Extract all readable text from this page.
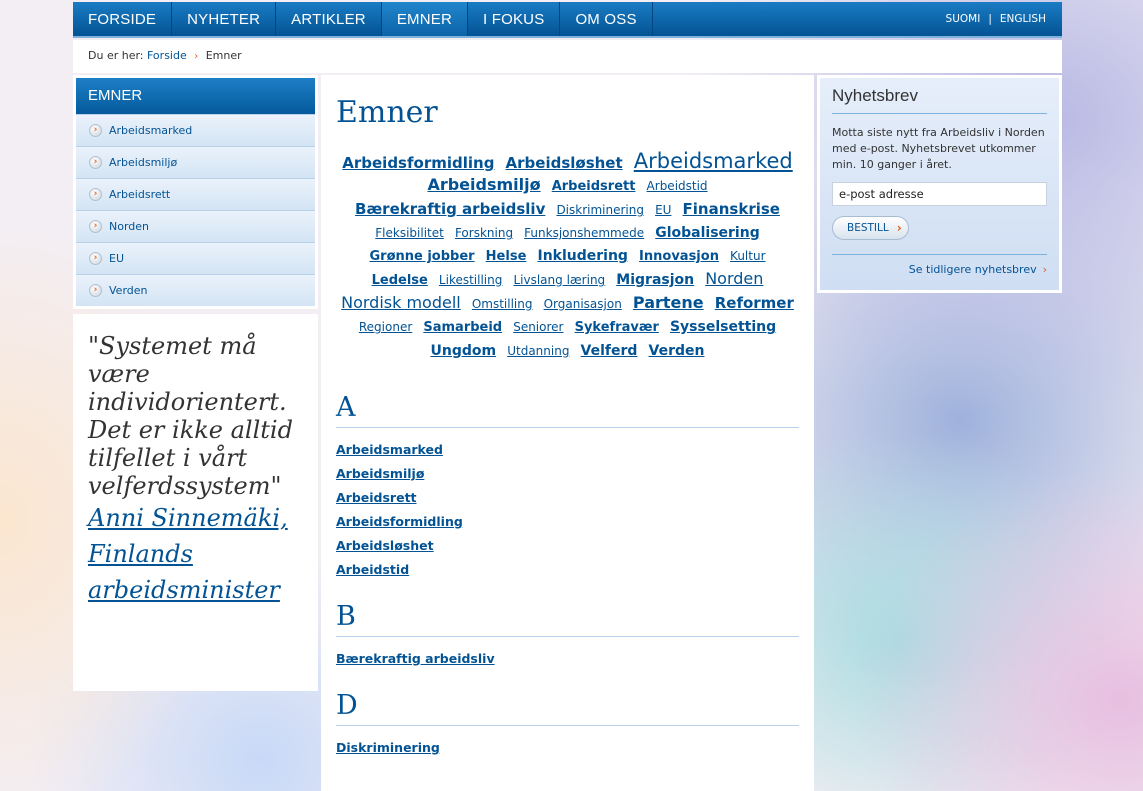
FORSIDE	NYHETER	ARTIKLER	EMNER	I FOKUS	OM OSS	SUOMI | ENGLISH
Du er her: Forside › Emner
EMNER
›	Arbeidsmarked
›	Arbeidsmiljø
›	Arbeidsrett
›	Norden
›	EU
›	Verden
"Systemet må være individorientert. Det er ikke alltid tilfellet i vårt velferdssystem"
Anni Sinnemäki, Finlands arbeidsminister
Emner
Arbeidsformidling Arbeidsløshet Arbeidsmarked Arbeidsmiljø Arbeidsrett Arbeidstid Bærekraftig arbeidsliv Diskriminering EU Finanskrise Fleksibilitet Forskning Funksjonshemmede Globalisering Grønne jobber Helse Inkludering Innovasjon Kultur Ledelse Likestilling Livslang læring Migrasjon Norden Nordisk modell Omstilling Organisasjon Partene Reformer Regioner Samarbeid Seniorer Sykefravær Sysselsetting Ungdom Utdanning Velferd Verden
A
Arbeidsmarked
Arbeidsmiljø
Arbeidsrett
Arbeidsformidling
Arbeidsløshet
Arbeidstid
B
Bærekraftig arbeidsliv
D
Diskriminering
Nyhetsbrev
Motta siste nytt fra Arbeidsliv i Norden med e-post. Nyhetsbrevet utkommer min. 10 ganger i året.
e-post adresse
BESTILL ›
Se tidligere nyhetsbrev ›
